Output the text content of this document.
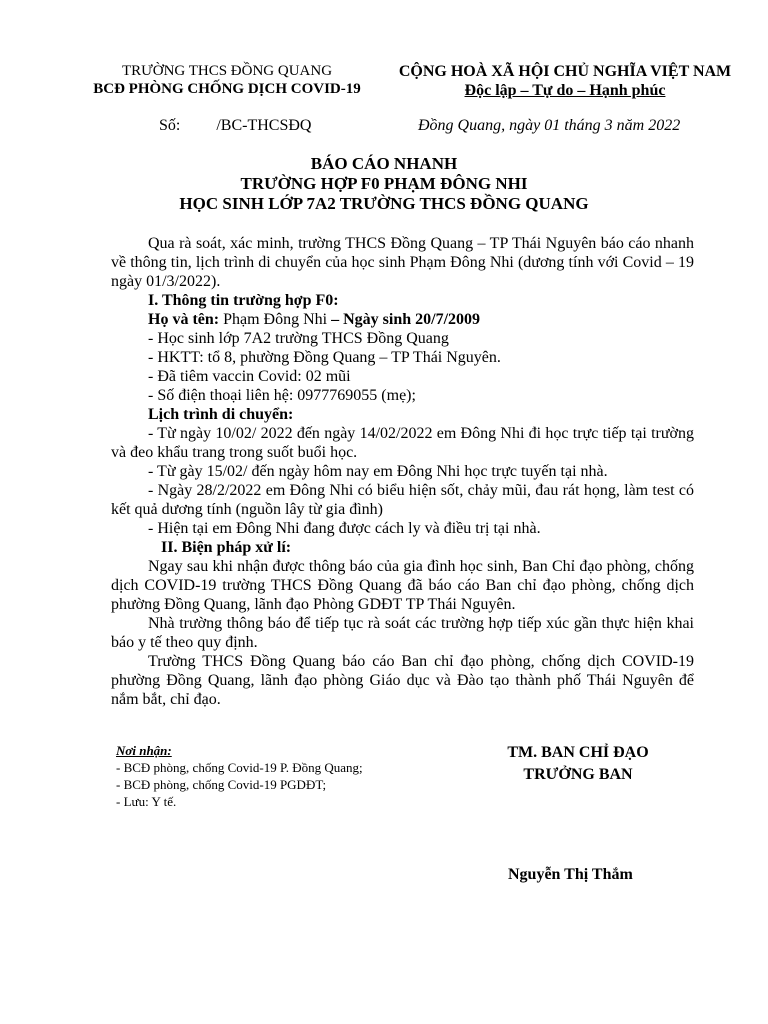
TRƯỜNG THCS ĐỒNG QUANG
BCĐ PHÒNG CHỐNG DỊCH COVID-19
CỘNG HOÀ XÃ HỘI CHỦ NGHĨA VIỆT NAM
Độc lập – Tự do – Hạnh phúc
Số: /BC-THCSĐQ	Đồng Quang, ngày 01 tháng 3 năm 2022
BÁO CÁO NHANH
TRƯỜNG HỢP F0 PHẠM ĐÔNG NHI
HỌC SINH LỚP 7A2 TRƯỜNG THCS ĐỒNG QUANG

Qua rà soát, xác minh, trường THCS Đồng Quang – TP Thái Nguyên báo cáo nhanh về thông tin, lịch trình di chuyển của học sinh Phạm Đông Nhi (dương tính với Covid – 19 ngày 01/3/2022).

I. Thông tin trường hợp F0:

Họ và tên: Phạm Đông Nhi – Ngày sinh 20/7/2009

- Học sinh lớp 7A2 trường THCS Đồng Quang

- HKTT: tổ 8, phường Đồng Quang – TP Thái Nguyên.

- Đã tiêm vaccin Covid: 02 mũi

- Số điện thoại liên hệ: 0977769055 (mẹ);

Lịch trình di chuyển:

- Từ ngày 10/02/ 2022 đến ngày 14/02/2022 em Đông Nhi đi học trực tiếp tại trường và đeo khẩu trang trong suốt buổi học.

- Từ gày 15/02/ đến ngày hôm nay em Đông Nhi học trực tuyến tại nhà.

- Ngày 28/2/2022 em Đông Nhi có biểu hiện sốt, chảy mũi, đau rát họng, làm test có kết quả dương tính (nguồn lây từ gia đình)

- Hiện tại em Đông Nhi đang được cách ly và điều trị tại nhà.

II. Biện pháp xử lí:

Ngay sau khi nhận được thông báo của gia đình học sinh, Ban Chỉ đạo phòng, chống dịch COVID-19 trường THCS Đồng Quang đã báo cáo Ban chỉ đạo phòng, chống dịch phường Đồng Quang, lãnh đạo Phòng GDĐT TP Thái Nguyên.

Nhà trường thông báo để tiếp tục rà soát các trường hợp tiếp xúc gần thực hiện khai báo y tế theo quy định.

Trường THCS Đồng Quang báo cáo Ban chỉ đạo phòng, chống dịch COVID-19 phường Đồng Quang, lãnh đạo phòng Giáo dục và Đào tạo thành phố Thái Nguyên để nắm bắt, chỉ đạo.

Nơi nhận:
- BCĐ phòng, chống Covid-19 P. Đồng Quang;
- BCĐ phòng, chống Covid-19 PGDĐT;
- Lưu: Y tế.
TM. BAN CHỈ ĐẠO
TRƯỞNG BAN
Nguyễn Thị Thắm
